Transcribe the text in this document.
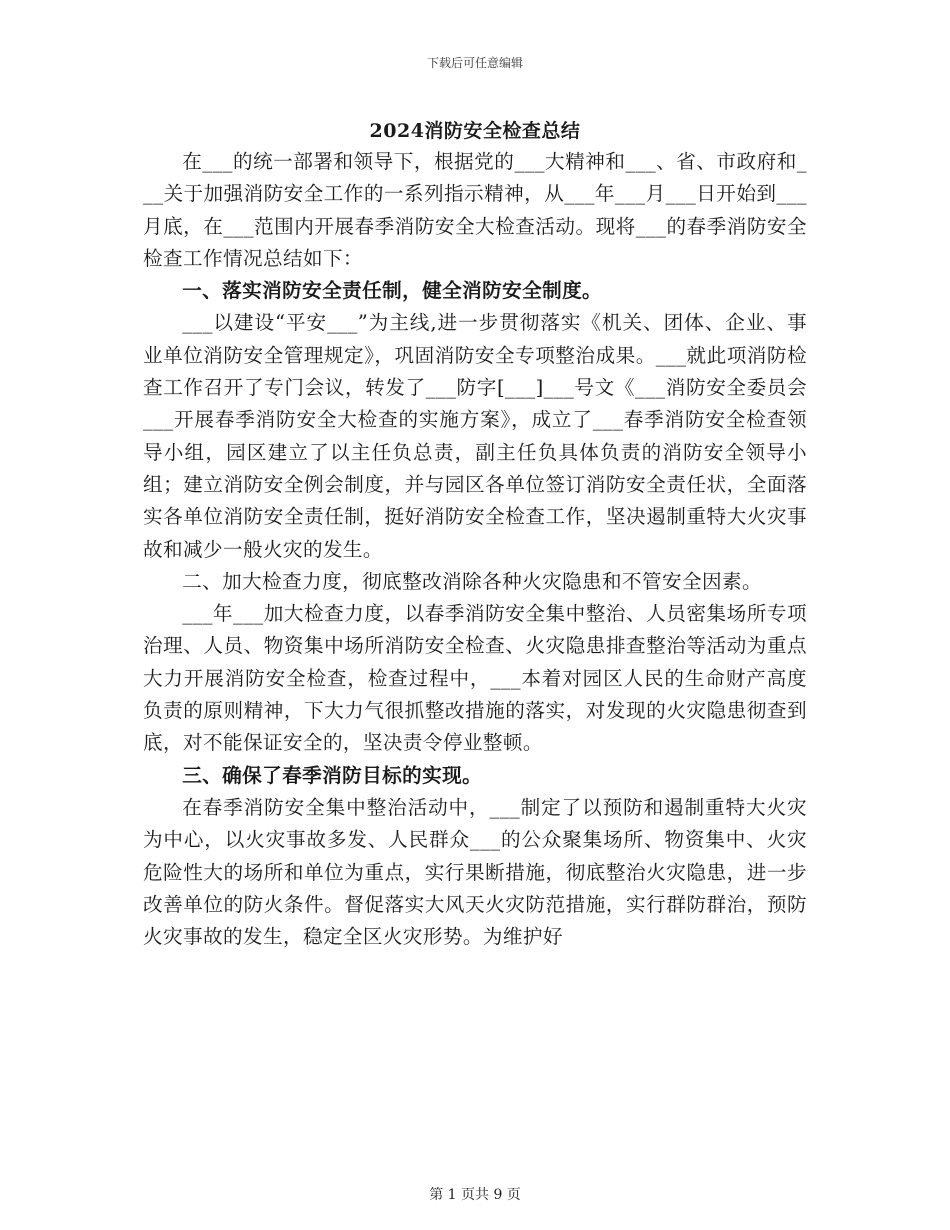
下载后可任意编辑
2024消防安全检查总结

在___的统一部署和领导下，根据党的___大精神和___、省、市政府和___关于加强消防安全工作的一系列指示精神，从___年___月___日开始到___月底，在___范围内开展春季消防安全大检查活动。现将___的春季消防安全检查工作情况总结如下：

一、落实消防安全责任制，健全消防安全制度。

___以建设“平安___”为主线,进一步贯彻落实《机关、团体、企业、事业单位消防安全管理规定》，巩固消防安全专项整治成果。___就此项消防检查工作召开了专门会议，转发了___防字[___]___号文《___消防安全委员会___开展春季消防安全大检查的实施方案》，成立了___春季消防安全检查领导小组，园区建立了以主任负总责，副主任负具体负责的消防安全领导小组；建立消防安全例会制度，并与园区各单位签订消防安全责任状，全面落实各单位消防安全责任制，挺好消防安全检查工作，坚决遏制重特大火灾事故和减少一般火灾的发生。

二、加大检查力度，彻底整改消除各种火灾隐患和不管安全因素。

___年___加大检查力度，以春季消防安全集中整治、人员密集场所专项治理、人员、物资集中场所消防安全检查、火灾隐患排查整治等活动为重点大力开展消防安全检查，检查过程中，___本着对园区人民的生命财产高度负责的原则精神，下大力气很抓整改措施的落实，对发现的火灾隐患彻查到底，对不能保证安全的，坚决责令停业整顿。

三、确保了春季消防目标的实现。

在春季消防安全集中整治活动中，___制定了以预防和遏制重特大火灾为中心，以火灾事故多发、人民群众___的公众聚集场所、物资集中、火灾危险性大的场所和单位为重点，实行果断措施，彻底整治火灾隐患，进一步改善单位的防火条件。督促落实大风天火灾防范措施，实行群防群治，预防火灾事故的发生，稳定全区火灾形势。为维护好

第 1 页共 9 页
